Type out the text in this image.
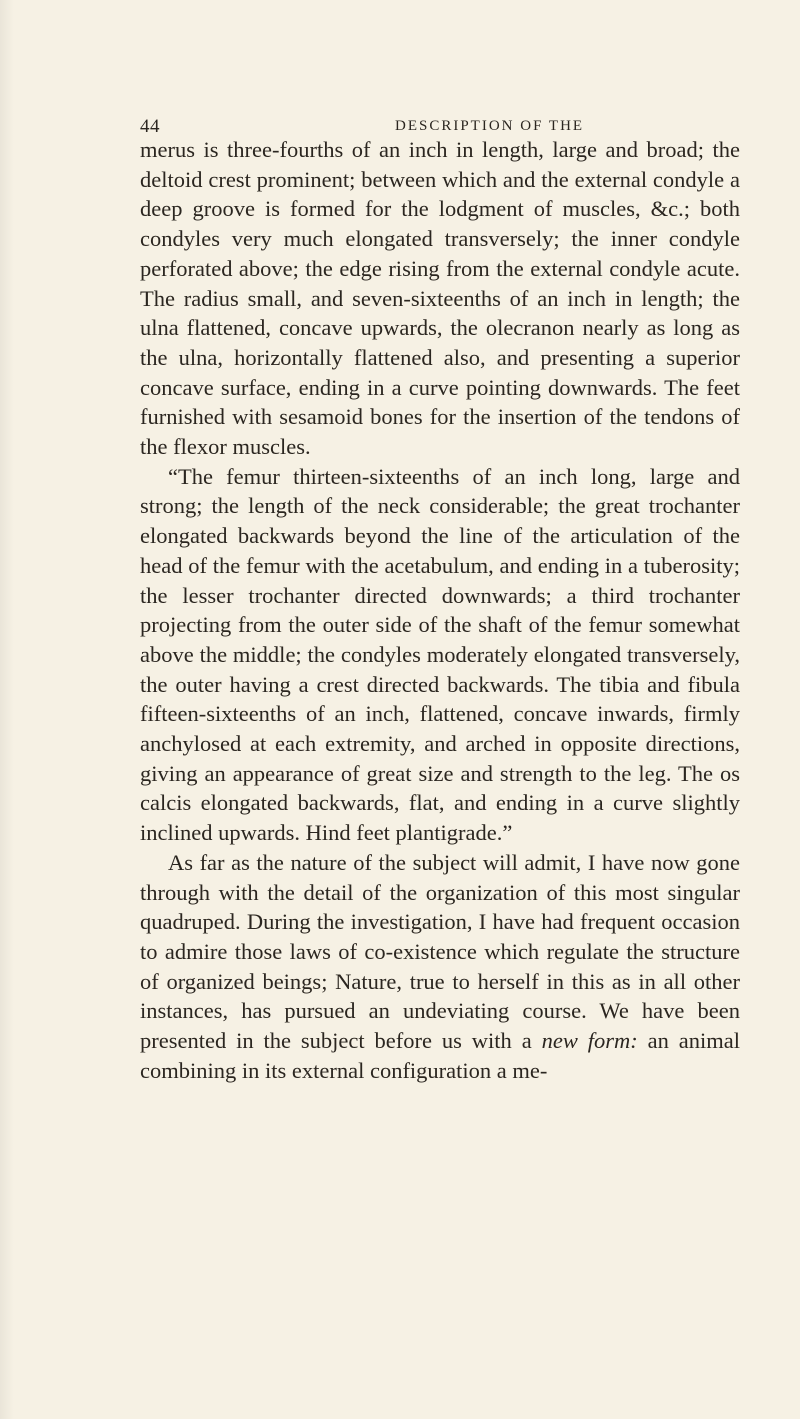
44	DESCRIPTION OF THE

merus is three-fourths of an inch in length, large and broad; the deltoid crest prominent; between which and the external condyle a deep groove is formed for the lodgment of muscles, &c.; both condyles very much elongated transversely; the inner condyle perforated above; the edge rising from the external condyle acute. The radius small, and seven-sixteenths of an inch in length; the ulna flattened, concave upwards, the olecranon nearly as long as the ulna, horizontally flattened also, and presenting a superior concave surface, ending in a curve pointing downwards. The feet furnished with sesamoid bones for the insertion of the tendons of the flexor muscles.

“The femur thirteen-sixteenths of an inch long, large and strong; the length of the neck considerable; the great trochanter elongated backwards beyond the line of the articulation of the head of the femur with the acetabulum, and ending in a tuberosity; the lesser trochanter directed downwards; a third trochanter projecting from the outer side of the shaft of the femur somewhat above the middle; the condyles moderately elongated transversely, the outer having a crest directed backwards. The tibia and fibula fifteen-sixteenths of an inch, flattened, concave inwards, firmly anchylosed at each extremity, and arched in opposite directions, giving an appearance of great size and strength to the leg. The os calcis elongated backwards, flat, and ending in a curve slightly inclined upwards. Hind feet plantigrade.”

As far as the nature of the subject will admit, I have now gone through with the detail of the organization of this most singular quadruped. During the investigation, I have had frequent occasion to admire those laws of co-existence which regulate the structure of organized beings; Nature, true to herself in this as in all other instances, has pursued an undeviating course. We have been presented in the subject before us with a new form: an animal combining in its external configuration a me-
